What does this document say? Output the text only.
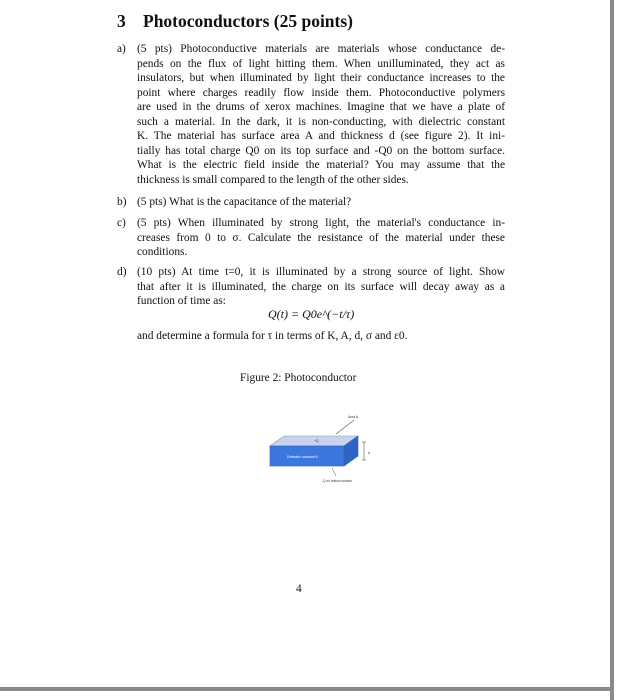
3 Photoconductors (25 points)
a) (5 pts) Photoconductive materials are materials whose conductance de-
pends on the flux of light hitting them. When unilluminated, they act as
insulators, but when illuminated by light their conductance increases to the
point where charges readily flow inside them. Photoconductive polymers
are used in the drums of xerox machines. Imagine that we have a plate of
such a material. In the dark, it is non-conducting, with dielectric constant
K. The material has surface area A and thickness d (see figure 2). It ini-
tially has total charge Q0 on its top surface and -Q0 on the bottom surface.
What is the electric field inside the material? You may assume that the
thickness is small compared to the length of the other sides.
b) (5 pts) What is the capacitance of the material?
c) (5 pts) When illuminated by strong light, the material's conductance in-
creases from 0 to σ. Calculate the resistance of the material under these
conditions.
d) (10 pts) At time t=0, it is illuminated by a strong source of light. Show
that after it is illuminated, the charge on its surface will decay away as a
function of time as:
Q(t) = Q0e^(−t/τ)
and determine a formula for τ in terms of K, A, d, σ and ε0.
Figure 2: Photoconductor
Area A
+Q
Dielectric constant K
d
-Q on bottom surface
4
